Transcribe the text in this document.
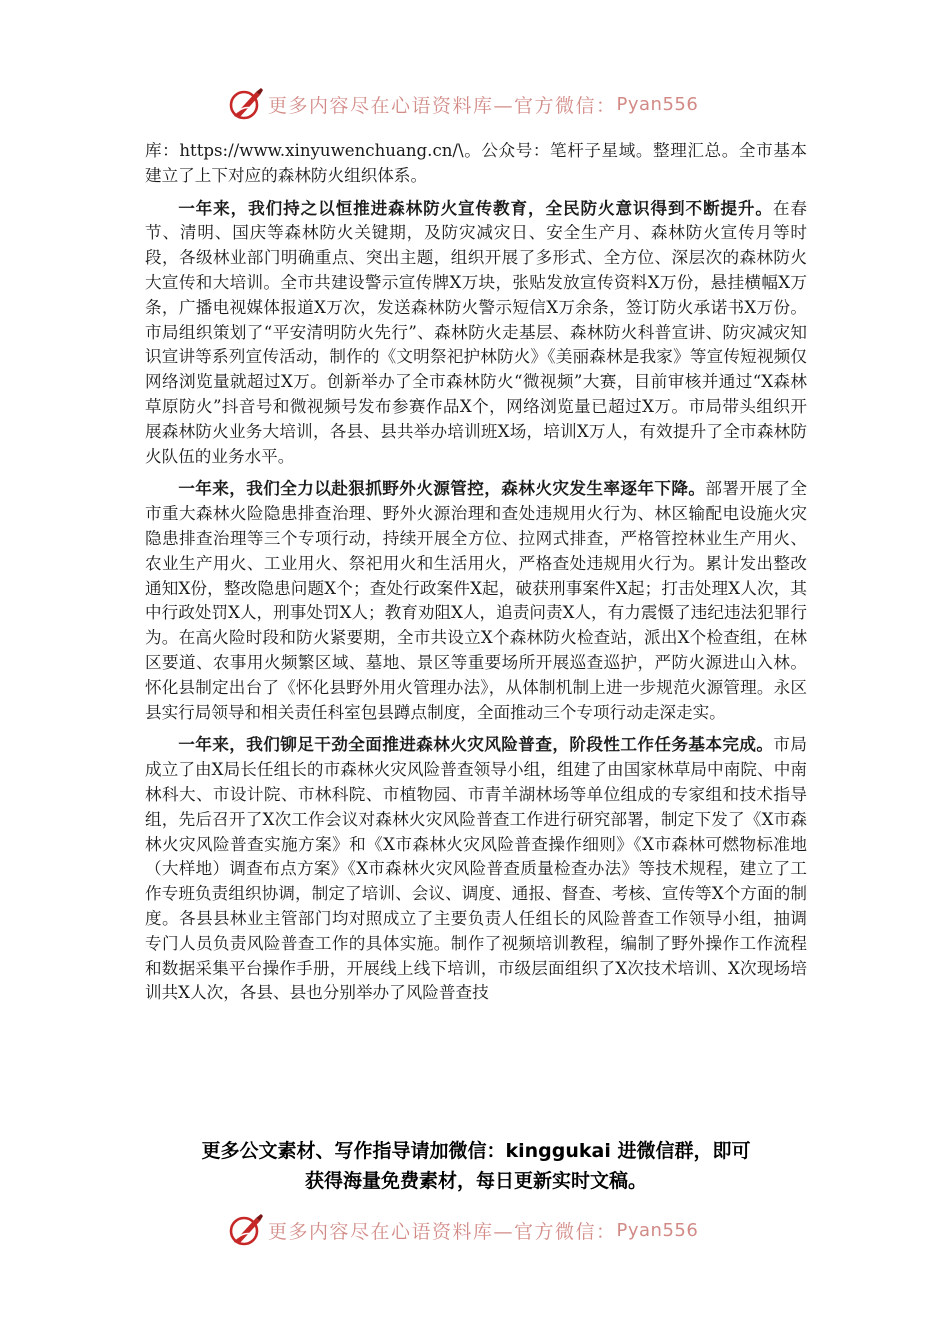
更多内容尽在心语资料库—官方微信： Pyan556

库：https://www.xinyuwenchuang.cn/\。公众号：笔杆子星域。整理汇总。全市基本建立了上下对应的森林防火组织体系。

一年来，我们持之以恒推进森林防火宣传教育，全民防火意识得到不断提升。在春节、清明、国庆等森林防火关键期，及防灾减灾日、安全生产月、森林防火宣传月等时段，各级林业部门明确重点、突出主题，组织开展了多形式、全方位、深层次的森林防火大宣传和大培训。全市共建设警示宣传牌X万块，张贴发放宣传资料X万份，悬挂横幅X万条，广播电视媒体报道X万次，发送森林防火警示短信X万余条，签订防火承诺书X万份。市局组织策划了“平安清明防火先行”、森林防火走基层、森林防火科普宣讲、防灾减灾知识宣讲等系列宣传活动，制作的《文明祭祀护林防火》《美丽森林是我家》等宣传短视频仅网络浏览量就超过X万。创新举办了全市森林防火“微视频”大赛，目前审核并通过“X森林草原防火”抖音号和微视频号发布参赛作品X个，网络浏览量已超过X万。市局带头组织开展森林防火业务大培训，各县、县共举办培训班X场，培训X万人，有效提升了全市森林防火队伍的业务水平。

一年来，我们全力以赴狠抓野外火源管控，森林火灾发生率逐年下降。部署开展了全市重大森林火险隐患排查治理、野外火源治理和查处违规用火行为、林区输配电设施火灾隐患排查治理等三个专项行动，持续开展全方位、拉网式排查，严格管控林业生产用火、农业生产用火、工业用火、祭祀用火和生活用火，严格查处违规用火行为。累计发出整改通知X份，整改隐患问题X个；查处行政案件X起，破获刑事案件X起；打击处理X人次，其中行政处罚X人，刑事处罚X人；教育劝阻X人，追责问责X人，有力震慑了违纪违法犯罪行为。在高火险时段和防火紧要期，全市共设立X个森林防火检查站，派出X个检查组，在林区要道、农事用火频繁区域、墓地、景区等重要场所开展巡查巡护，严防火源进山入林。怀化县制定出台了《怀化县野外用火管理办法》，从体制机制上进一步规范火源管理。永区县实行局领导和相关责任科室包县蹲点制度，全面推动三个专项行动走深走实。

一年来，我们铆足干劲全面推进森林火灾风险普查，阶段性工作任务基本完成。市局成立了由X局长任组长的市森林火灾风险普查领导小组，组建了由国家林草局中南院、中南林科大、市设计院、市林科院、市植物园、市青羊湖林场等单位组成的专家组和技术指导组，先后召开了X次工作会议对森林火灾风险普查工作进行研究部署，制定下发了《X市森林火灾风险普查实施方案》和《X市森林火灾风险普查操作细则》《X市森林可燃物标准地（大样地）调查布点方案》《X市森林火灾风险普查质量检查办法》等技术规程，建立了工作专班负责组织协调，制定了培训、会议、调度、通报、督查、考核、宣传等X个方面的制度。各县县林业主管部门均对照成立了主要负责人任组长的风险普查工作领导小组，抽调专门人员负责风险普查工作的具体实施。制作了视频培训教程，编制了野外操作工作流程和数据采集平台操作手册，开展线上线下培训，市级层面组织了X次技术培训、X次现场培训共X人次，各县、县也分别举办了风险普查技

更多公文素材、写作指导请加微信：kinggukai 进微信群，即可
获得海量免费素材，每日更新实时文稿。
更多内容尽在心语资料库—官方微信： Pyan556
